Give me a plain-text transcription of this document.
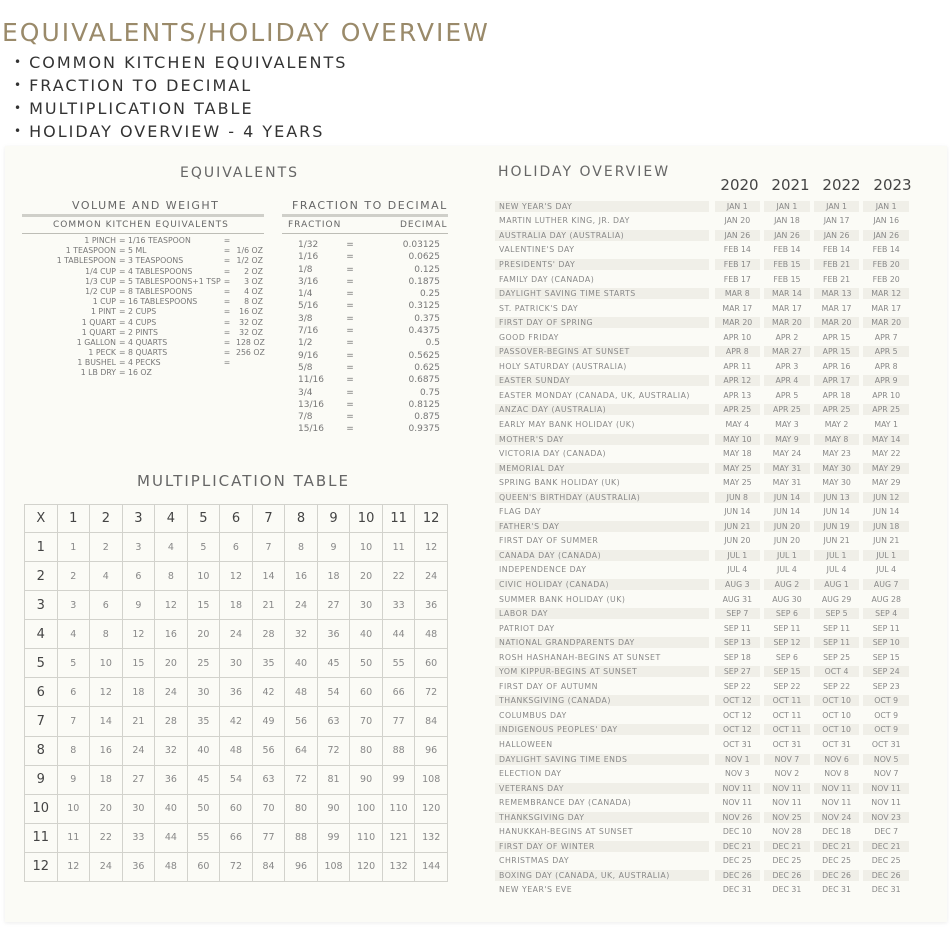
EQUIVALENTS/HOLIDAY OVERVIEW
• COMMON KITCHEN EQUIVALENTS
• FRACTION TO DECIMAL
• MULTIPLICATION TABLE
• HOLIDAY OVERVIEW - 4 YEARS
EQUIVALENTS
VOLUME AND WEIGHT
COMMON KITCHEN EQUIVALENTS
1 PINCH = 1/16 TEASPOON	=
1 TEASPOON = 5 ML	= 1/6 OZ
1 TABLESPOON = 3 TEASPOONS	= 1/2 OZ
1/4 CUP = 4 TABLESPOONS	=	2 OZ
1/3 CUP = 5 TABLESPOONS+1 TSP =	3 OZ
1/2 CUP = 8 TABLESPOONS	=	4 OZ
1 CUP = 16 TABLESPOONS	=	8 OZ
1 PINT = 2 CUPS	=	16 OZ
1 QUART = 4 CUPS	=	32 OZ
1 QUART = 2 PINTS	=	32 OZ
1 GALLON = 4 QUARTS	= 128 OZ
1 PECK = 8 QUARTS	= 256 OZ
1 BUSHEL = 4 PECKS	=
1 LB DRY = 16 OZ
FRACTION TO DECIMAL
FRACTION	DECIMAL
1/32	=	0.03125
1/16	=	0.0625
1/8	=	0.125
3/16	=	0.1875
1/4	=	0.25
5/16	=	0.3125
3/8	=	0.375
7/16	=	0.4375
1/2	=	0.5
9/16	=	0.5625
5/8	=	0.625
11/16	=	0.6875
3/4	=	0.75
13/16	=	0.8125
7/8	=	0.875
15/16	=	0.9375
MULTIPLICATION TABLE
X	1	2	3	4	5	6	7	8	9	10	11	12
1	1	2	3	4	5	6	7	8	9	10	11	12
2	2	4	6	8	10	12	14	16	18	20	22	24
3	3	6	9	12	15	18	21	24	27	30	33	36
4	4	8	12	16	20	24	28	32	36	40	44	48
5	5	10	15	20	25	30	35	40	45	50	55	60
6	6	12	18	24	30	36	42	48	54	60	66	72
7	7	14	21	28	35	42	49	56	63	70	77	84
8	8	16	24	32	40	48	56	64	72	80	88	96
9	9	18	27	36	45	54	63	72	81	90	99	108
10	10	20	30	40	50	60	70	80	90	100	110	120
11	11	22	33	44	55	66	77	88	99	110	121	132
12	12	24	36	48	60	72	84	96	108	120	132	144
HOLIDAY OVERVIEW
2020 2021 2022 2023
NEW YEAR'S DAY	JAN 1	JAN 1	JAN 1	JAN 1
MARTIN LUTHER KING, JR. DAY	JAN 20	JAN 18	JAN 17	JAN 16
AUSTRALIA DAY (AUSTRALIA)	JAN 26	JAN 26	JAN 26	JAN 26
VALENTINE'S DAY	FEB 14	FEB 14	FEB 14	FEB 14
PRESIDENTS' DAY	FEB 17	FEB 15	FEB 21	FEB 20
FAMILY DAY (CANADA)	FEB 17	FEB 15	FEB 21	FEB 20
DAYLIGHT SAVING TIME STARTS	MAR 8	MAR 14	MAR 13	MAR 12
ST. PATRICK'S DAY	MAR 17	MAR 17	MAR 17	MAR 17
FIRST DAY OF SPRING	MAR 20	MAR 20	MAR 20	MAR 20
GOOD FRIDAY	APR 10	APR 2	APR 15	APR 7
PASSOVER-BEGINS AT SUNSET	APR 8	MAR 27	APR 15	APR 5
HOLY SATURDAY (AUSTRALIA)	APR 11	APR 3	APR 16	APR 8
EASTER SUNDAY	APR 12	APR 4	APR 17	APR 9
EASTER MONDAY (CANADA, UK, AUSTRALIA)	APR 13	APR 5	APR 18	APR 10
ANZAC DAY (AUSTRALIA)	APR 25	APR 25	APR 25	APR 25
EARLY MAY BANK HOLIDAY (UK)	MAY 4	MAY 3	MAY 2	MAY 1
MOTHER'S DAY	MAY 10	MAY 9	MAY 8	MAY 14
VICTORIA DAY (CANADA)	MAY 18	MAY 24	MAY 23	MAY 22
MEMORIAL DAY	MAY 25	MAY 31	MAY 30	MAY 29
SPRING BANK HOLIDAY (UK)	MAY 25	MAY 31	MAY 30	MAY 29
QUEEN'S BIRTHDAY (AUSTRALIA)	JUN 8	JUN 14	JUN 13	JUN 12
FLAG DAY	JUN 14	JUN 14	JUN 14	JUN 14
FATHER'S DAY	JUN 21	JUN 20	JUN 19	JUN 18
FIRST DAY OF SUMMER	JUN 20	JUN 20	JUN 21	JUN 21
CANADA DAY (CANADA)	JUL 1	JUL 1	JUL 1	JUL 1
INDEPENDENCE DAY	JUL 4	JUL 4	JUL 4	JUL 4
CIVIC HOLIDAY (CANADA)	AUG 3	AUG 2	AUG 1	AUG 7
SUMMER BANK HOLIDAY (UK)	AUG 31	AUG 30	AUG 29	AUG 28
LABOR DAY	SEP 7	SEP 6	SEP 5	SEP 4
PATRIOT DAY	SEP 11	SEP 11	SEP 11	SEP 11
NATIONAL GRANDPARENTS DAY	SEP 13	SEP 12	SEP 11	SEP 10
ROSH HASHANAH-BEGINS AT SUNSET	SEP 18	SEP 6	SEP 25	SEP 15
YOM KIPPUR-BEGINS AT SUNSET	SEP 27	SEP 15	OCT 4	SEP 24
FIRST DAY OF AUTUMN	SEP 22	SEP 22	SEP 22	SEP 23
THANKSGIVING (CANADA)	OCT 12	OCT 11	OCT 10	OCT 9
COLUMBUS DAY	OCT 12	OCT 11	OCT 10	OCT 9
INDIGENOUS PEOPLES' DAY	OCT 12	OCT 11	OCT 10	OCT 9
HALLOWEEN	OCT 31	OCT 31	OCT 31	OCT 31
DAYLIGHT SAVING TIME ENDS	NOV 1	NOV 7	NOV 6	NOV 5
ELECTION DAY	NOV 3	NOV 2	NOV 8	NOV 7
VETERANS DAY	NOV 11	NOV 11	NOV 11	NOV 11
REMEMBRANCE DAY (CANADA)	NOV 11	NOV 11	NOV 11	NOV 11
THANKSGIVING DAY	NOV 26	NOV 25	NOV 24	NOV 23
HANUKKAH-BEGINS AT SUNSET	DEC 10	NOV 28	DEC 18	DEC 7
FIRST DAY OF WINTER	DEC 21	DEC 21	DEC 21	DEC 21
CHRISTMAS DAY	DEC 25	DEC 25	DEC 25	DEC 25
BOXING DAY (CANADA, UK, AUSTRALIA)	DEC 26	DEC 26	DEC 26	DEC 26
NEW YEAR'S EVE	DEC 31	DEC 31	DEC 31	DEC 31
